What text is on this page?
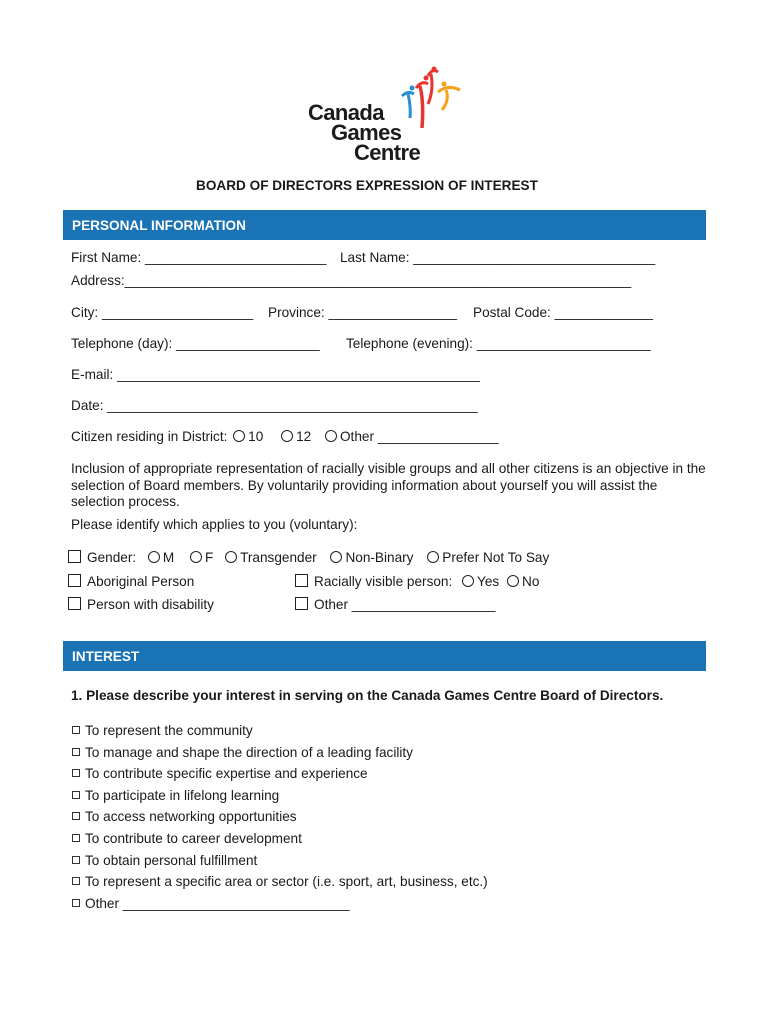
Canada
Games
Centre
BOARD OF DIRECTORS EXPRESSION OF INTEREST
PERSONAL INFORMATION
First Name: ________________________ Last Name: ________________________________
Address:___________________________________________________________________
City: ____________________ Province: _________________ Postal Code: _____________
Telephone (day): ___________________ Telephone (evening): _______________________
E-mail: ________________________________________________
Date: _________________________________________________
Citizen residing in District: 10 12 Other ________________
Inclusion of appropriate representation of racially visible groups and all other citizens is an objective in the selection of Board members. By voluntarily providing information about yourself you will assist the selection process.
Please identify which applies to you (voluntary):
Gender: M F Transgender Non-Binary Prefer Not To Say
Aboriginal Person	Racially visible person: Yes No
Person with disability	Other ___________________
INTEREST
1. Please describe your interest in serving on the Canada Games Centre Board of Directors.
To represent the community
To manage and shape the direction of a leading facility
To contribute specific expertise and experience
To participate in lifelong learning
To access networking opportunities
To contribute to career development
To obtain personal fulfillment
To represent a specific area or sector (i.e. sport, art, business, etc.)
Other ______________________________
